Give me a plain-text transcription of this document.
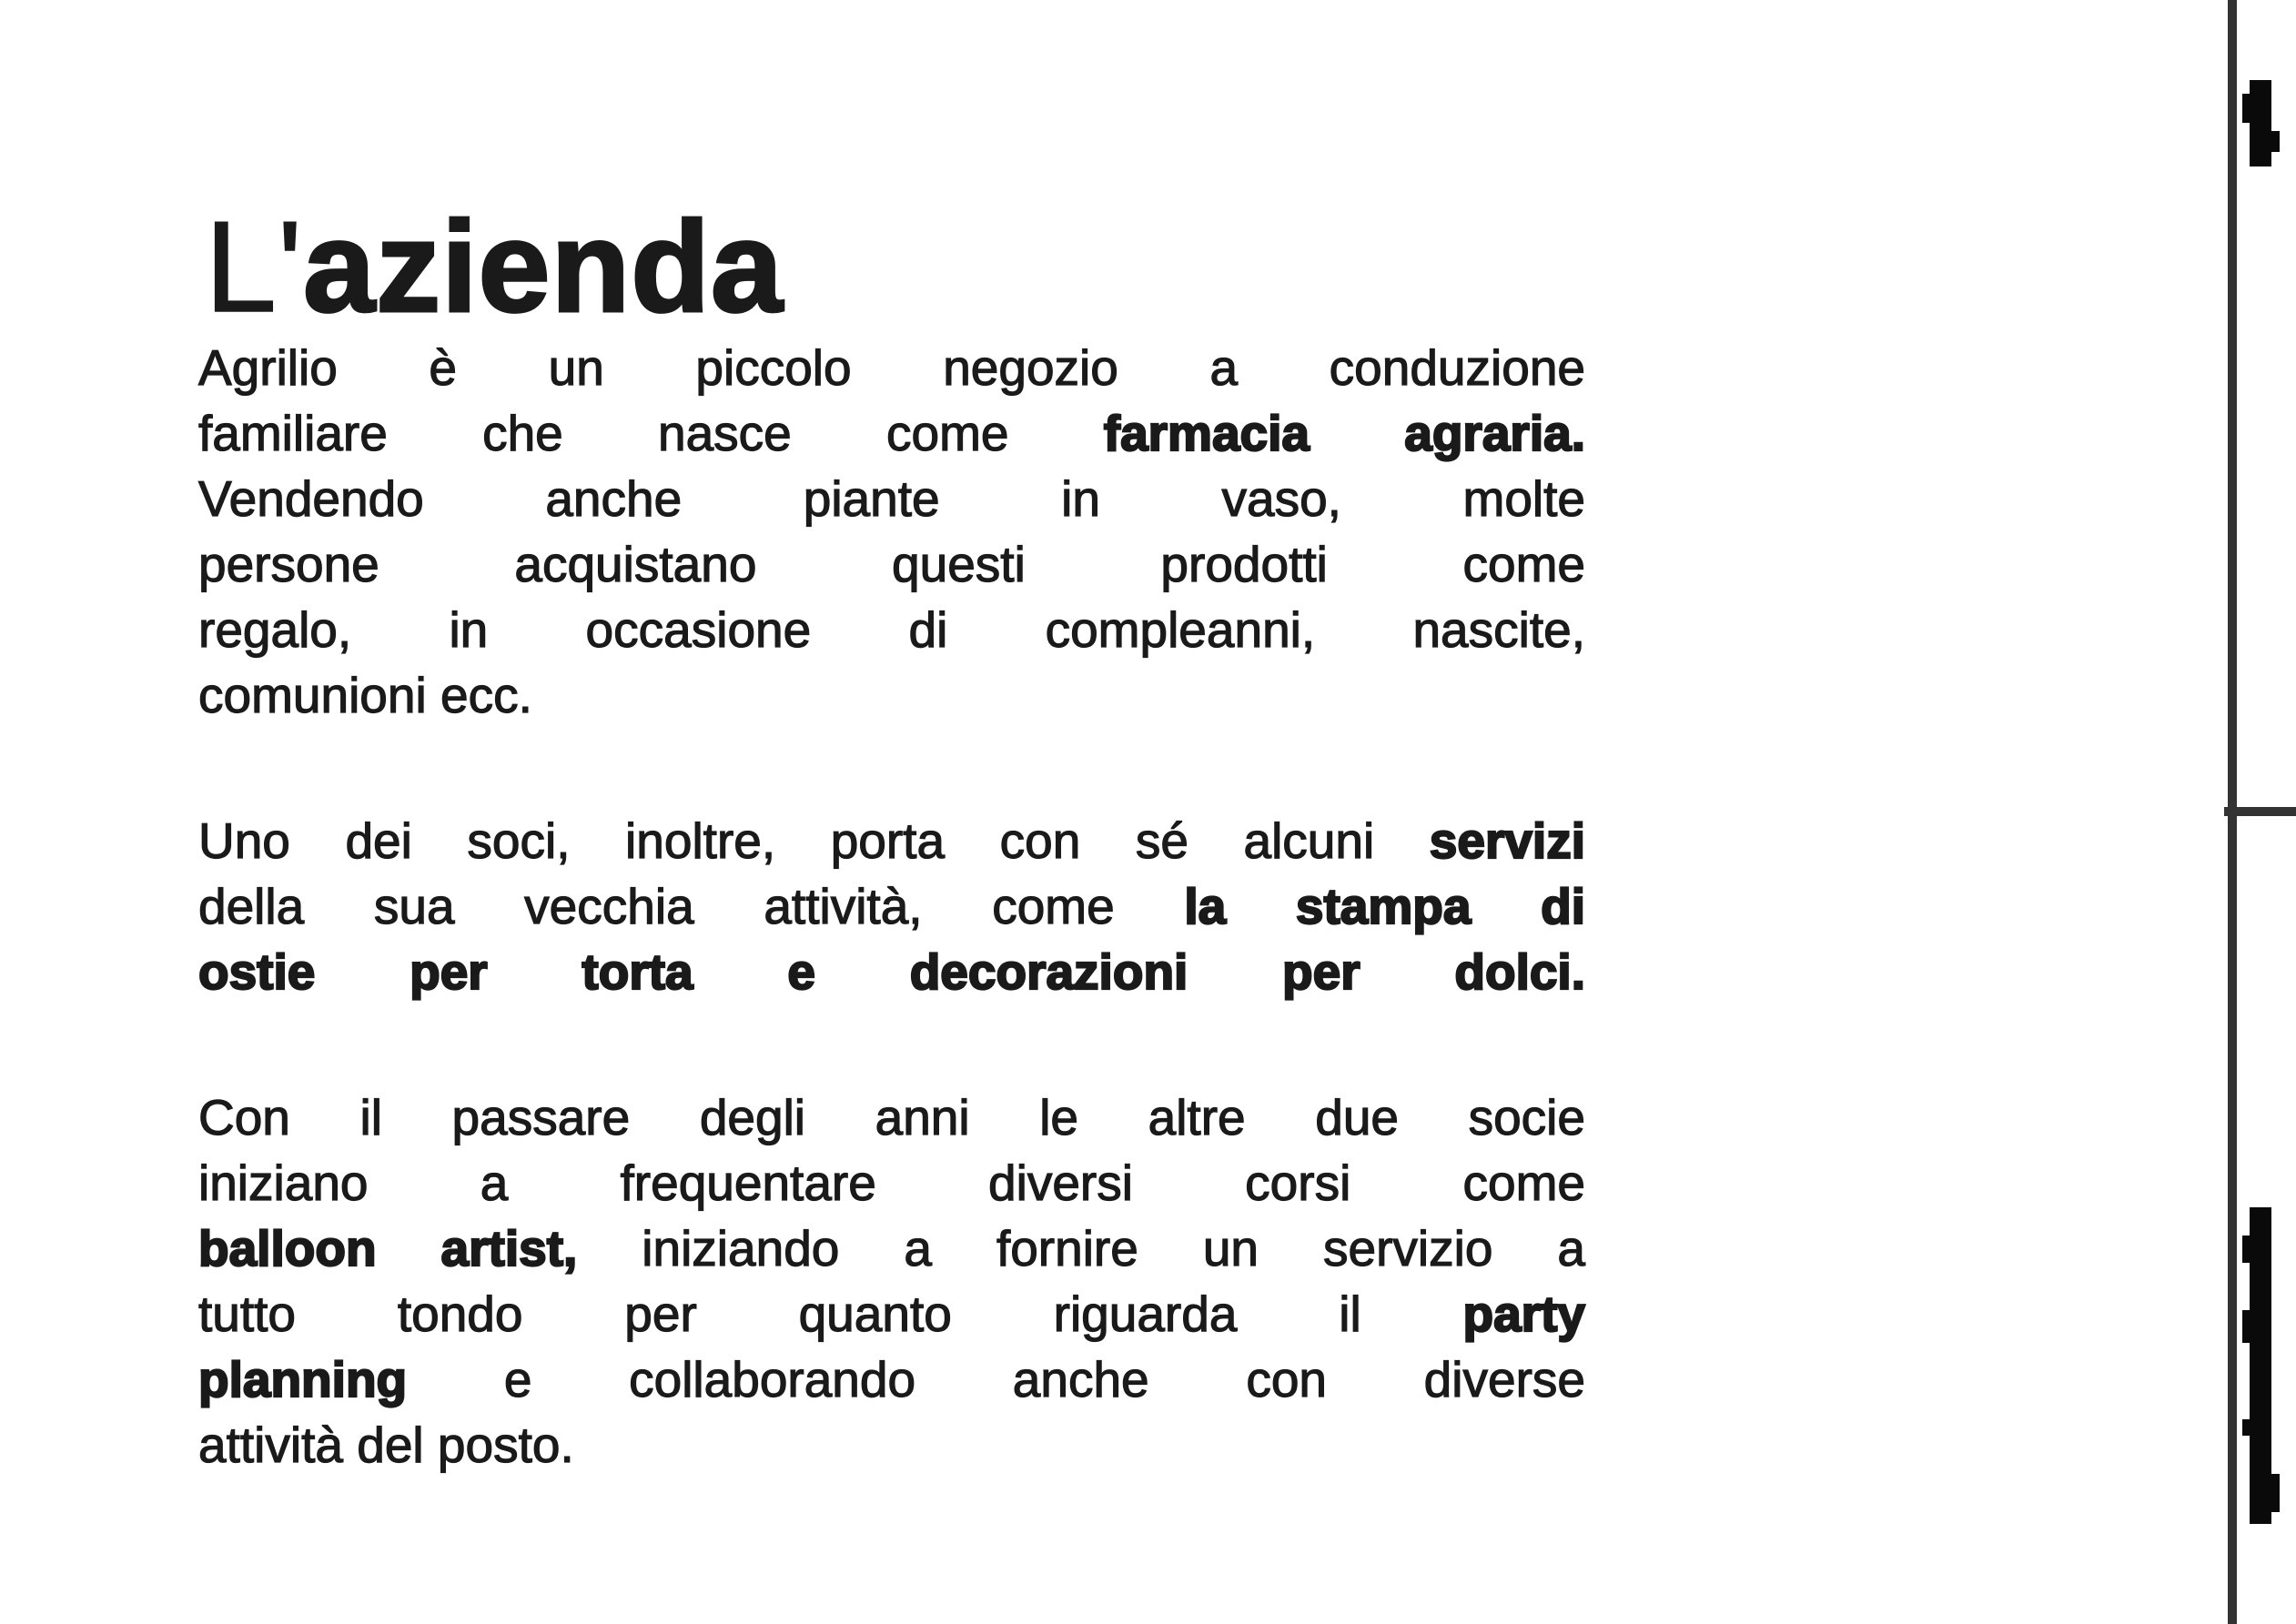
L'azienda
Agrilio è un piccolo negozio a conduzione
familiare che nasce come farmacia agraria.
Vendendo anche piante in vaso, molte
persone acquistano questi prodotti come
regalo, in occasione di compleanni, nascite,
comunioni ecc.
Uno dei soci, inoltre, porta con sé alcuni servizi
della sua vecchia attività, come la stampa di
ostie per torta e decorazioni per dolci.
Con il passare degli anni le altre due socie
iniziano a frequentare diversi corsi come
balloon artist, iniziando a fornire un servizio a
tutto tondo per quanto riguarda il party
planning e collaborando anche con diverse
attività del posto.
